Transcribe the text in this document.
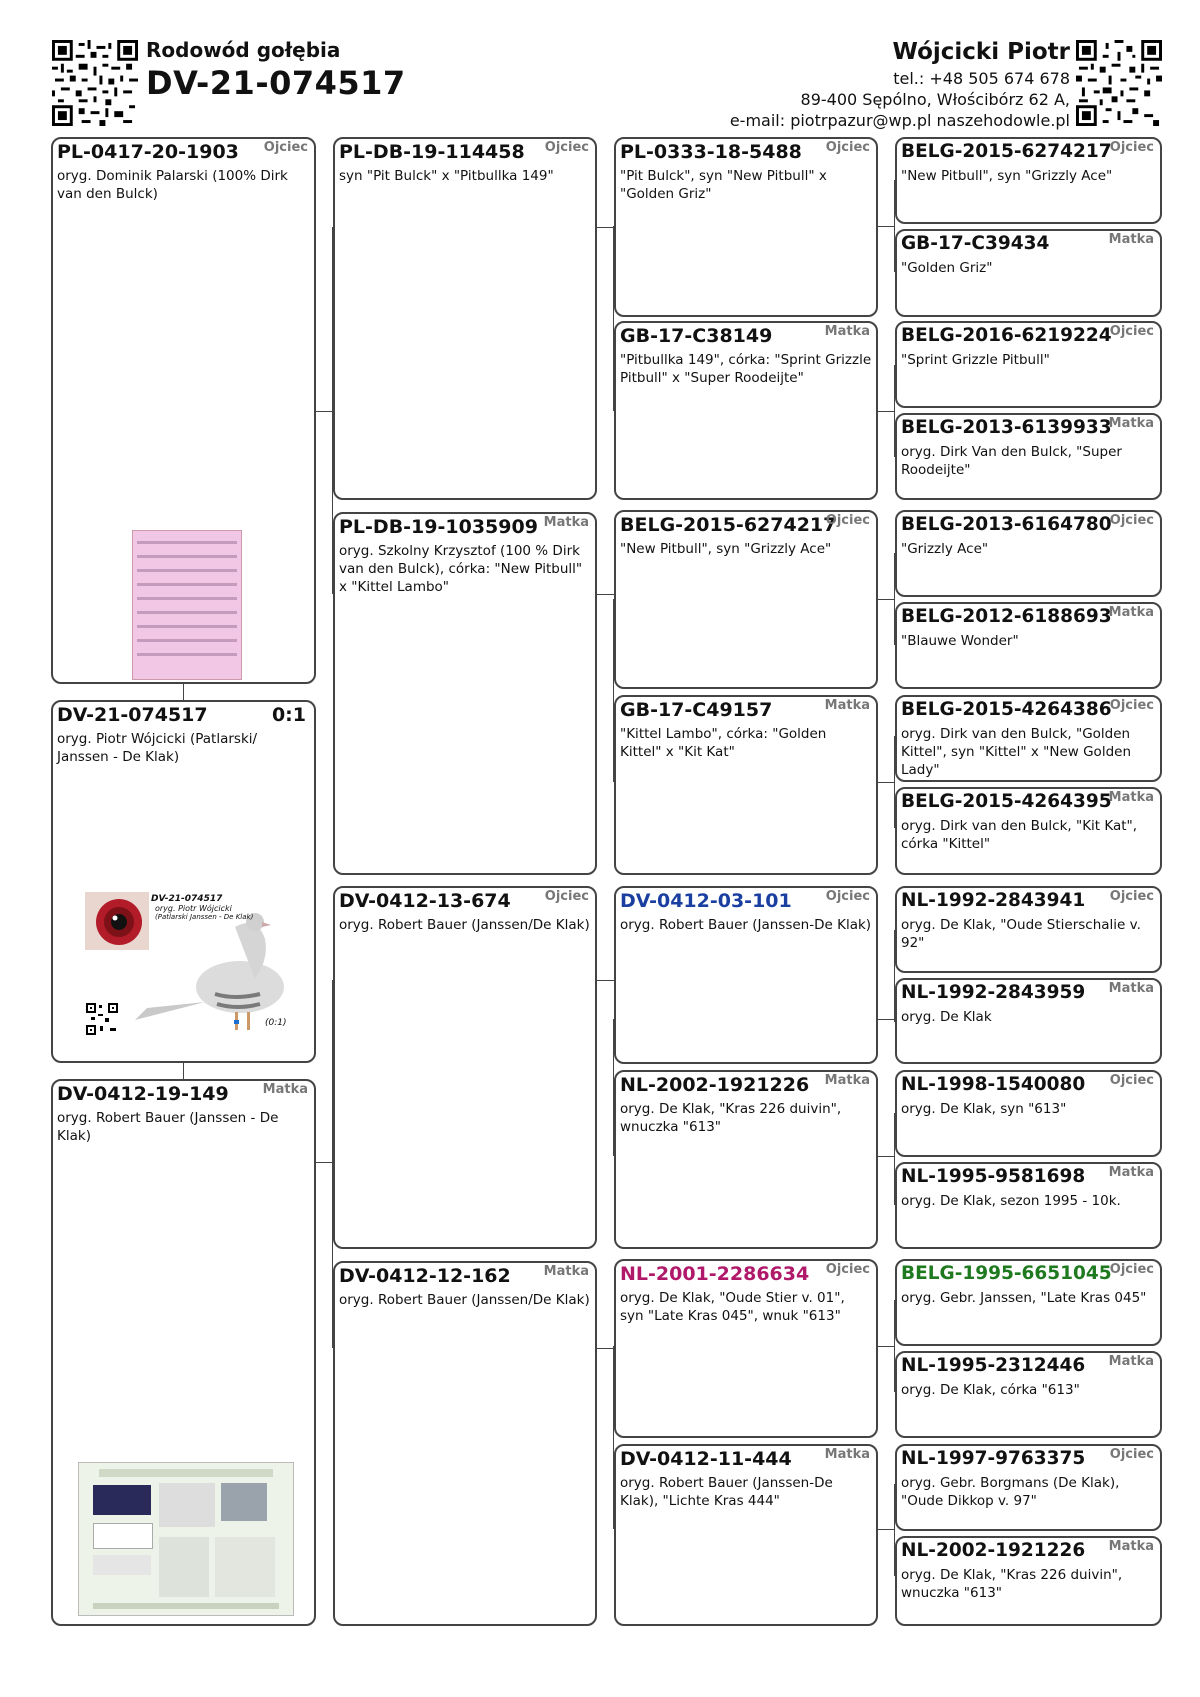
Rodowód gołębia
DV-21-074517
Wójcicki Piotr
tel.: +48 505 674 678
89-400 Sępólno, Włościbórz 62 A,
e-mail: piotrpazur@wp.pl naszehodowle.pl
PL-0417-20-1903 Ojciec
oryg. Dominik Palarski (100% Dirk van den Bulck)
DV-21-074517	0:1
oryg. Piotr Wójcicki (Patlarski/ Janssen - De Klak)
DV-21-074517
oryg. Piotr Wójcicki
(Patlarski Janssen - De Klak)
(0:1)
DV-0412-19-149	Matka
oryg. Robert Bauer (Janssen - De Klak)
PL-DB-19-114458 Ojciec
syn "Pit Bulck" x "Pitbullka 149"
PL-DB-19-1035909 Matka
oryg. Szkolny Krzysztof (100 % Dirk van den Bulck), córka: "New Pitbull" x "Kittel Lambo"
DV-0412-13-674	Ojciec
oryg. Robert Bauer (Janssen/De Klak)
DV-0412-12-162	Matka
oryg. Robert Bauer (Janssen/De Klak)
PL-0333-18-5488 Ojciec
"Pit Bulck", syn "New Pitbull" x "Golden Griz"
GB-17-C38149	Matka
"Pitbullka 149", córka: "Sprint Grizzle Pitbull" x "Super Roodeijte"
BELG-2015-6274217
Ojciec
"New Pitbull", syn "Grizzly Ace"
GB-17-C49157	Matka
"Kittel Lambo", córka: "Golden Kittel" x "Kit Kat"
DV-0412-03-101	Ojciec
oryg. Robert Bauer (Janssen-De Klak)
NL-2002-1921226 Matka
oryg. De Klak, "Kras 226 duivin", wnuczka "613"
NL-2001-2286634 Ojciec
oryg. De Klak, "Oude Stier v. 01", syn "Late Kras 045", wnuk "613"
DV-0412-11-444	Matka
oryg. Robert Bauer (Janssen-De Klak), "Lichte Kras 444"
BELG-2015-6274217
Ojciec
"New Pitbull", syn "Grizzly Ace"
GB-17-C39434	Matka
"Golden Griz"
BELG-2016-6219224
Ojciec
"Sprint Grizzle Pitbull"
BELG-2013-6139933
Matka
oryg. Dirk Van den Bulck, "Super Roodeijte"
BELG-2013-6164780
Ojciec
"Grizzly Ace"
BELG-2012-6188693
Matka
"Blauwe Wonder"
BELG-2015-4264386
Ojciec
oryg. Dirk van den Bulck, "Golden Kittel", syn "Kittel" x "New Golden Lady"
BELG-2015-4264395
Matka
oryg. Dirk van den Bulck, "Kit Kat", córka "Kittel"
NL-1992-2843941 Ojciec
oryg. De Klak, "Oude Stierschalie v. 92"
NL-1992-2843959 Matka
oryg. De Klak
NL-1998-1540080 Ojciec
oryg. De Klak, syn "613"
NL-1995-9581698 Matka
oryg. De Klak, sezon 1995 - 10k.
BELG-1995-6651045
Ojciec
oryg. Gebr. Janssen, "Late Kras 045"
NL-1995-2312446 Matka
oryg. De Klak, córka "613"
NL-1997-9763375 Ojciec
oryg. Gebr. Borgmans (De Klak), "Oude Dikkop v. 97"
NL-2002-1921226 Matka
oryg. De Klak, "Kras 226 duivin", wnuczka "613"
